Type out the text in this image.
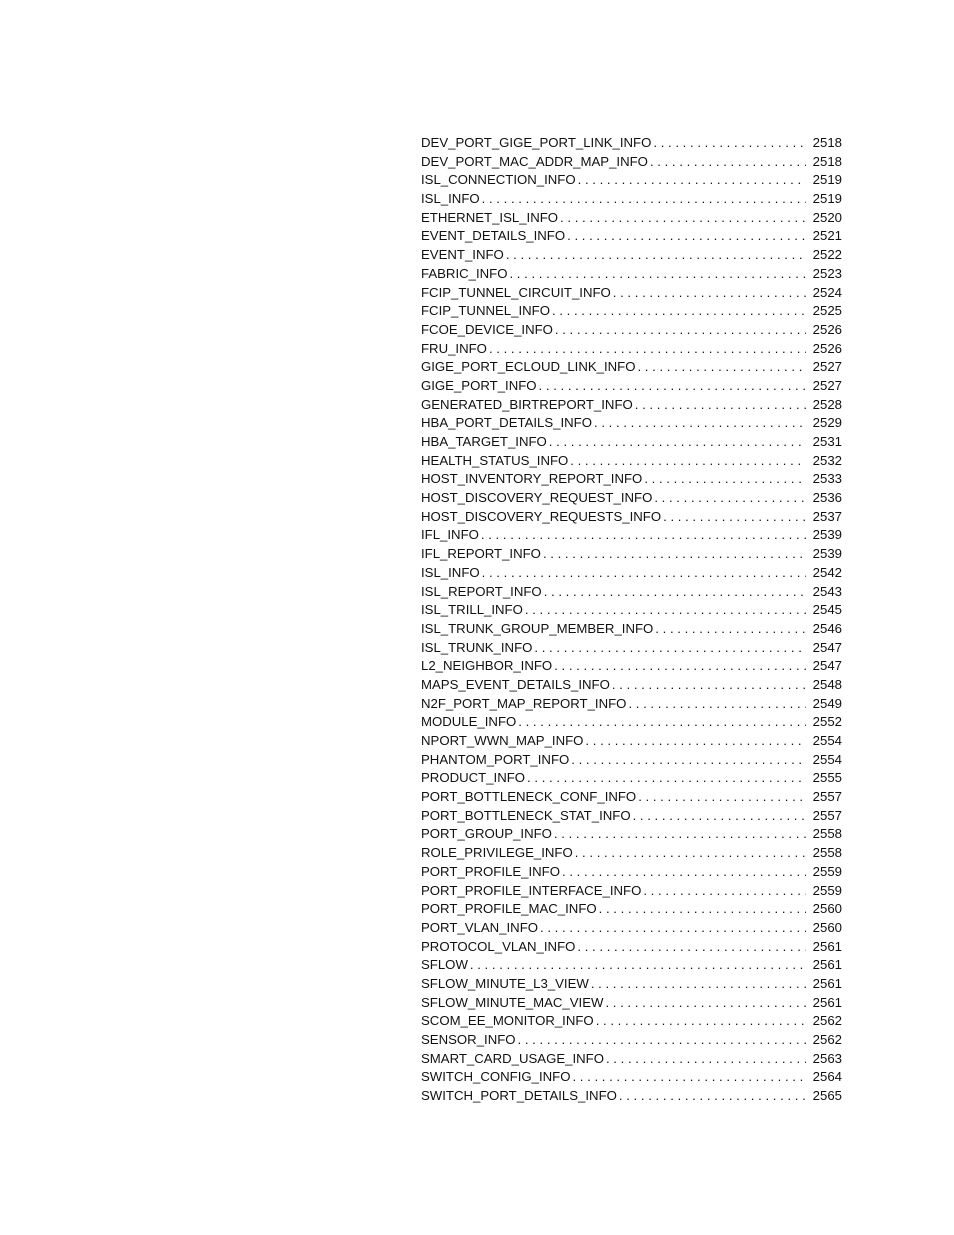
DEV_PORT_GIGE_PORT_LINK_INFO . . .	2518
DEV_PORT_MAC_ADDR_MAP_INFO . . .	2518
ISL_CONNECTION_INFO . . .	2519
ISL_INFO . . .	2519
ETHERNET_ISL_INFO . . .	2520
EVENT_DETAILS_INFO . . .	2521
EVENT_INFO . . .	2522
FABRIC_INFO . . .	2523
FCIP_TUNNEL_CIRCUIT_INFO . . .	2524
FCIP_TUNNEL_INFO . . .	2525
FCOE_DEVICE_INFO . . .	2526
FRU_INFO . . .	2526
GIGE_PORT_ECLOUD_LINK_INFO . . .	2527
GIGE_PORT_INFO . . .	2527
GENERATED_BIRTREPORT_INFO . . .	2528
HBA_PORT_DETAILS_INFO . . .	2529
HBA_TARGET_INFO . . .	2531
HEALTH_STATUS_INFO . . .	2532
HOST_INVENTORY_REPORT_INFO . . .	2533
HOST_DISCOVERY_REQUEST_INFO . . .	2536
HOST_DISCOVERY_REQUESTS_INFO . . .	2537
IFL_INFO . . .	2539
IFL_REPORT_INFO . . .	2539
ISL_INFO . . .	2542
ISL_REPORT_INFO . . .	2543
ISL_TRILL_INFO . . .	2545
ISL_TRUNK_GROUP_MEMBER_INFO . . .	2546
ISL_TRUNK_INFO . . .	2547
L2_NEIGHBOR_INFO . . .	2547
MAPS_EVENT_DETAILS_INFO . . .	2548
N2F_PORT_MAP_REPORT_INFO . . .	2549
MODULE_INFO . . .	2552
NPORT_WWN_MAP_INFO . . .	2554
PHANTOM_PORT_INFO . . .	2554
PRODUCT_INFO . . .	2555
PORT_BOTTLENECK_CONF_INFO . . .	2557
PORT_BOTTLENECK_STAT_INFO . . .	2557
PORT_GROUP_INFO . . .	2558
ROLE_PRIVILEGE_INFO . . .	2558
PORT_PROFILE_INFO . . .	2559
PORT_PROFILE_INTERFACE_INFO . . .	2559
PORT_PROFILE_MAC_INFO . . .	2560
PORT_VLAN_INFO . . .	2560
PROTOCOL_VLAN_INFO . . .	2561
SFLOW . . .	2561
SFLOW_MINUTE_L3_VIEW . . .	2561
SFLOW_MINUTE_MAC_VIEW . . .	2561
SCOM_EE_MONITOR_INFO . . .	2562
SENSOR_INFO . . .	2562
SMART_CARD_USAGE_INFO . . .	2563
SWITCH_CONFIG_INFO . . .	2564
SWITCH_PORT_DETAILS_INFO . . .	2565
